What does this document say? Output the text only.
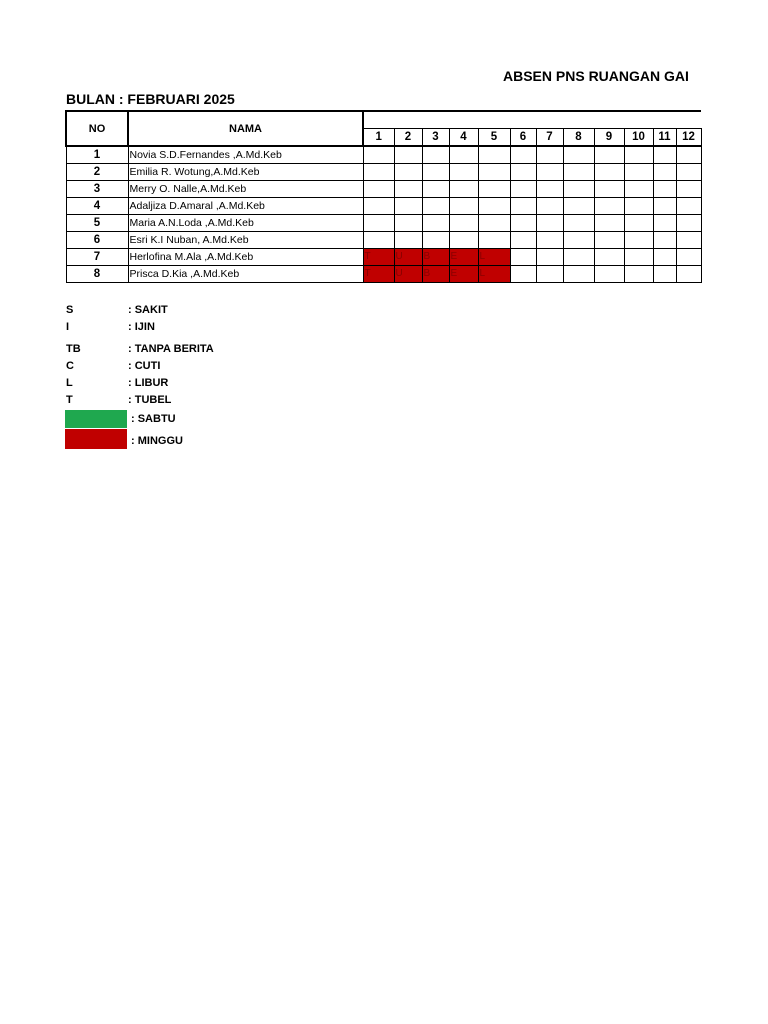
ABSEN PNS RUANGAN GAI
BULAN : FEBRUARI 2025
NO	NAMA												
		1	2	3	4	5	6	7	8	9	10	11	12
1	Novia S.D.Fernandes ,A.Md.Keb												
2	Emilia R. Wotung,A.Md.Keb												
3	Merry O. Nalle,A.Md.Keb												
4	Adaljiza D.Amaral ,A.Md.Keb												
5	Maria A.N.Loda ,A.Md.Keb												
6	Esri K.I Nuban, A.Md.Keb												
7	Herlofina M.Ala ,A.Md.Keb	T	U	B	E	L							
8	Prisca D.Kia ,A.Md.Keb	T	U	B	E	L							
S	: SAKIT
I	: IJIN
TB	: TANPA BERITA
C	: CUTI
L	: LIBUR
T	: TUBEL
: SABTU
: MINGGU
